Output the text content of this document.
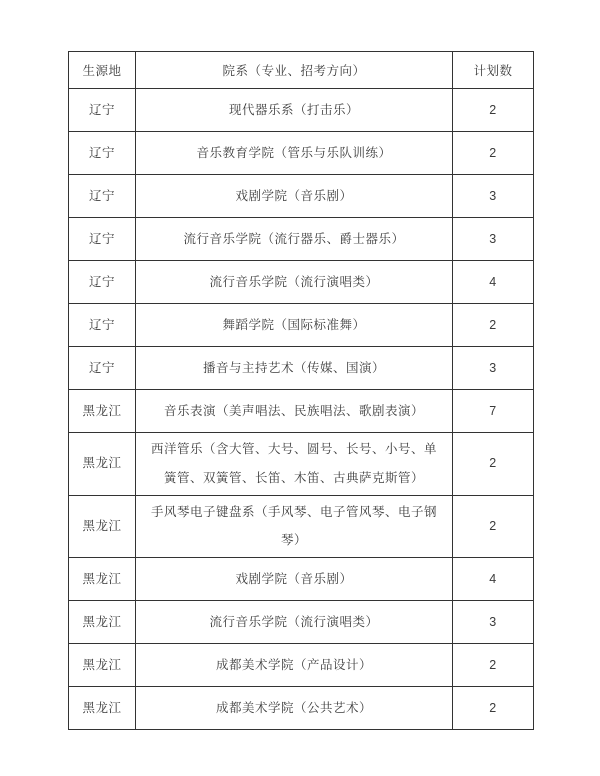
生源地	院系（专业、招考方向）	计划数
辽宁	现代器乐系（打击乐）	2
辽宁	音乐教育学院（管乐与乐队训练）	2
辽宁	戏剧学院（音乐剧）	3
辽宁	流行音乐学院（流行器乐、爵士器乐）	3
辽宁	流行音乐学院（流行演唱类）	4
辽宁	舞蹈学院（国际标准舞）	2
辽宁	播音与主持艺术（传媒、国演）	3
黑龙江	音乐表演（美声唱法、民族唱法、歌剧表演）	7
黑龙江	西洋管乐（含大管、大号、圆号、长号、小号、单簧管、双簧管、长笛、木笛、古典萨克斯管）	2
黑龙江	手风琴电子键盘系（手风琴、电子管风琴、电子钢琴）	2
黑龙江	戏剧学院（音乐剧）	4
黑龙江	流行音乐学院（流行演唱类）	3
黑龙江	成都美术学院（产品设计）	2
黑龙江	成都美术学院（公共艺术）	2
